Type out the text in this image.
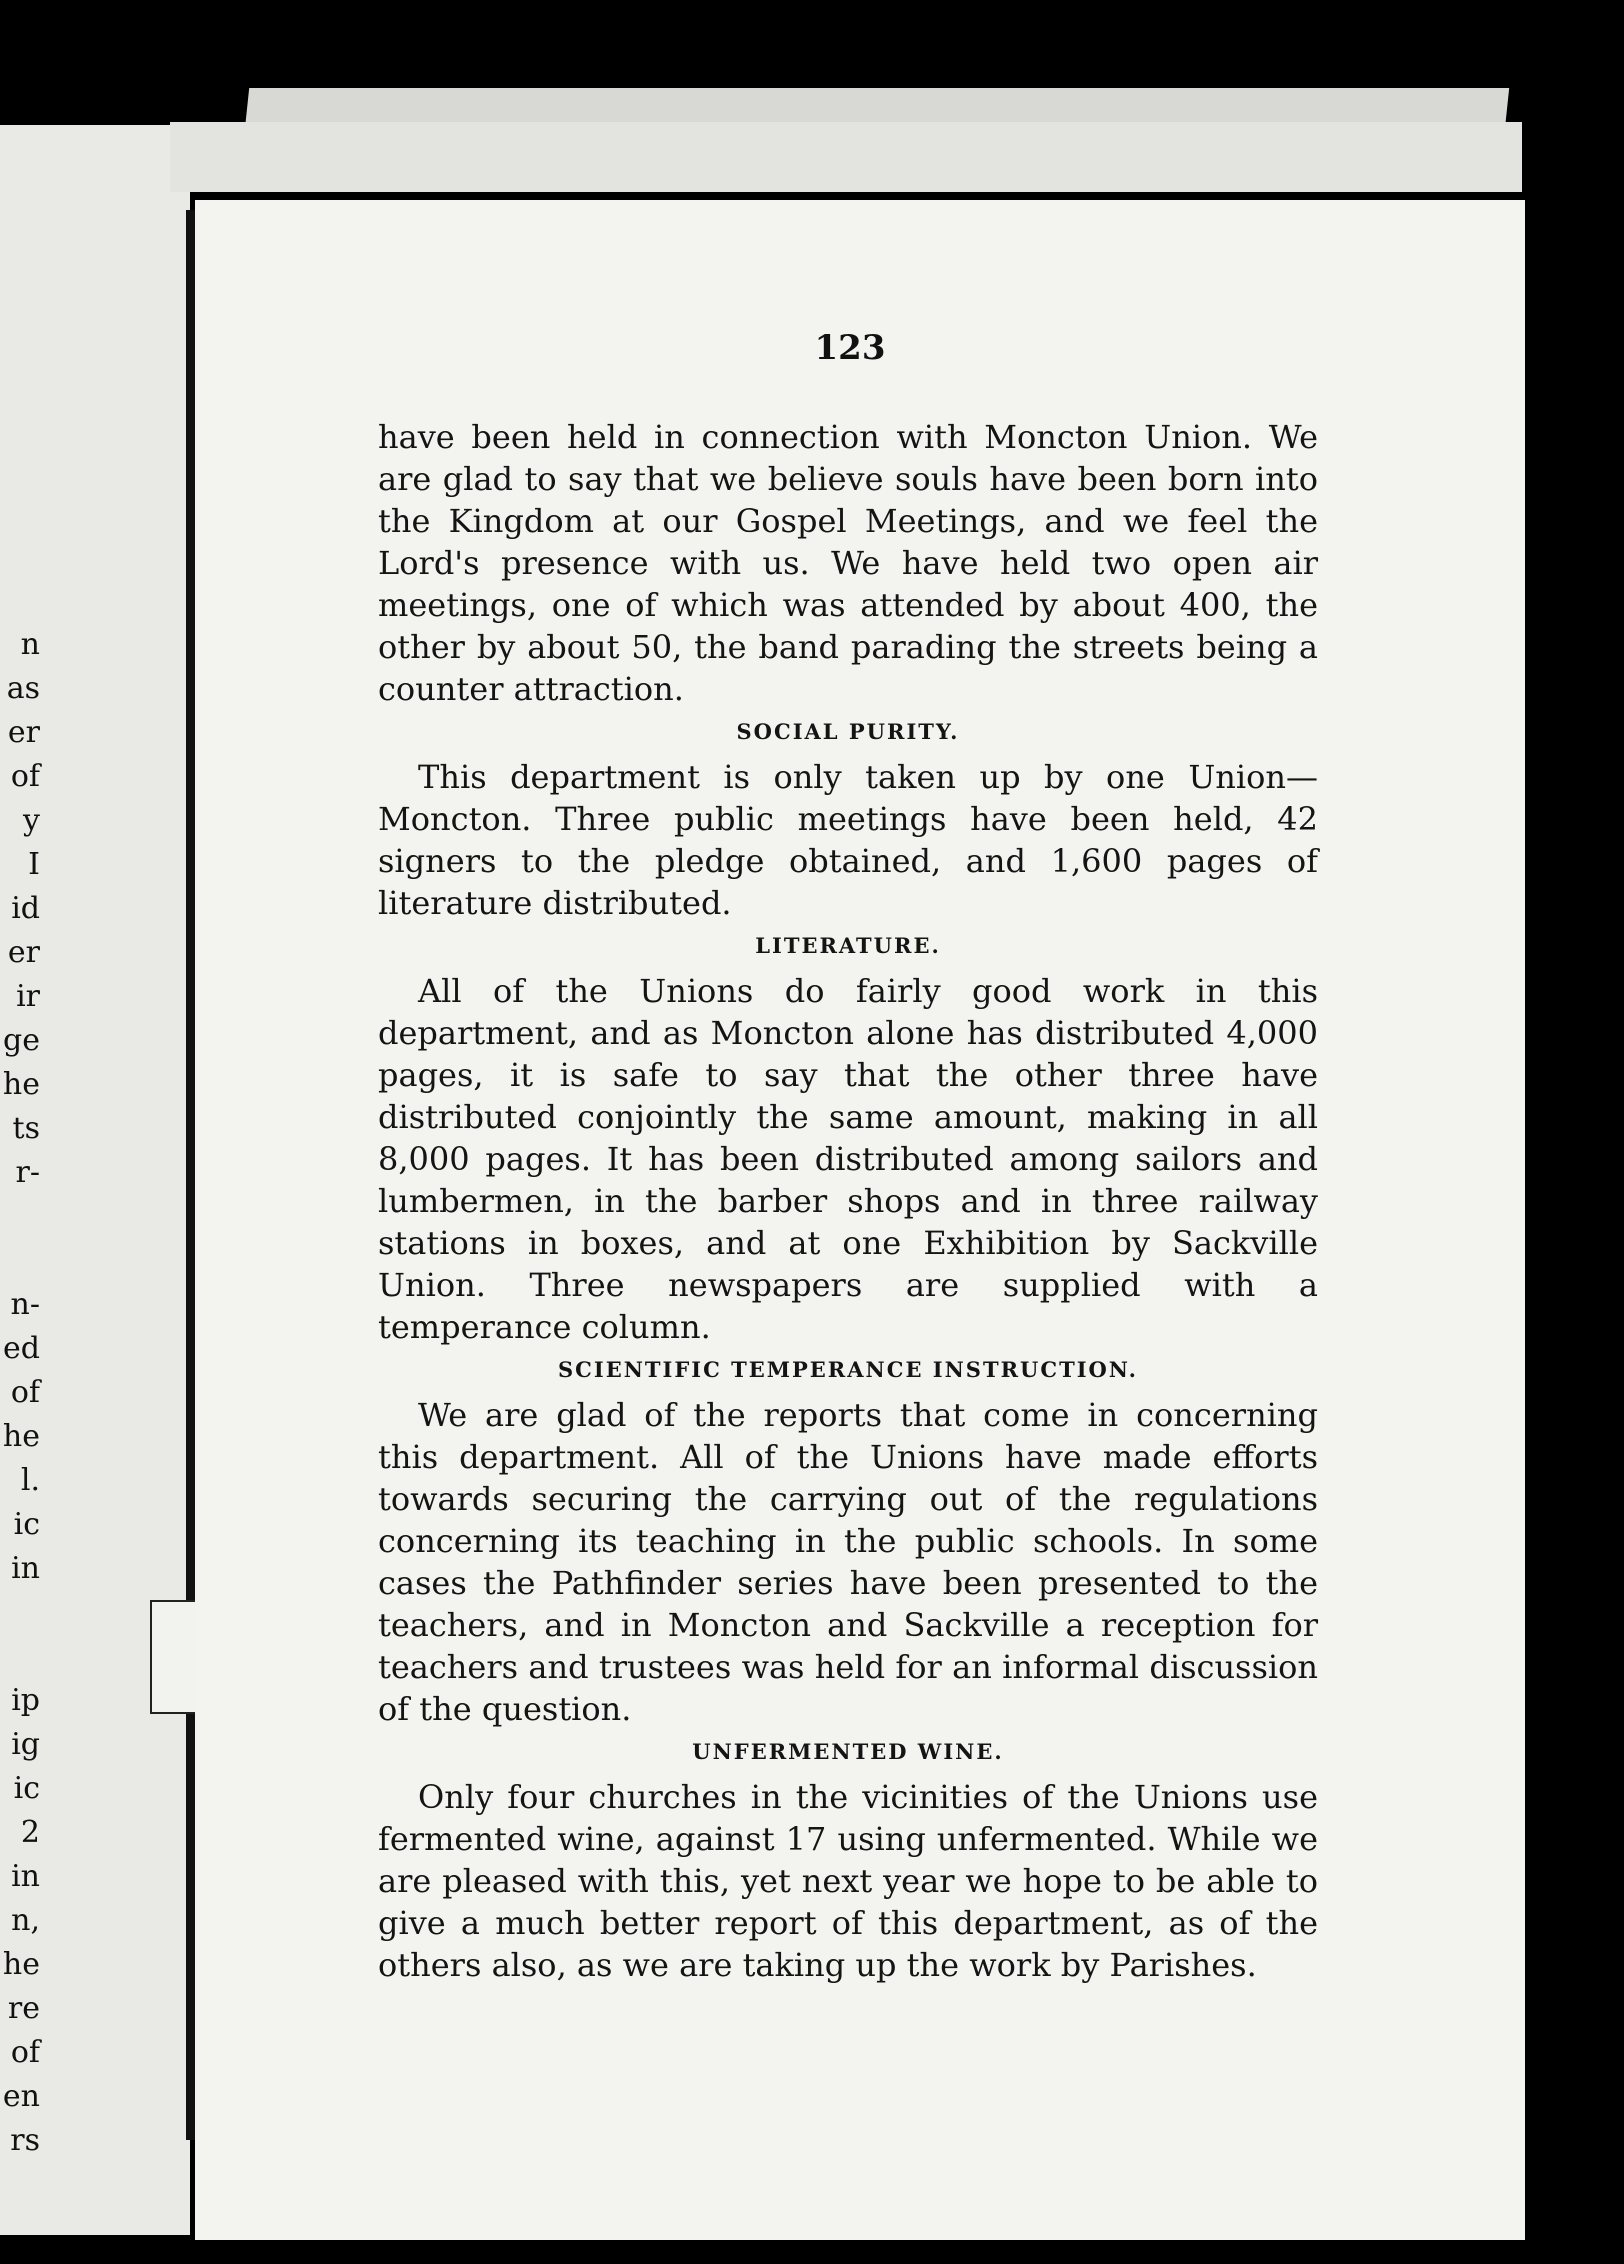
n
as
er
of
y
I
id
er
ir
ge
he
ts
r-
n-
ed
of
he
l.
ic
in
ip
ig
ic
2
in
n,
he
re
of
en
rs
123

have been held in connection with Moncton Union. We are glad to say that we believe souls have been born into the Kingdom at our Gospel Meetings, and we feel the Lord's presence with us. We have held two open air meetings, one of which was attended by about 400, the other by about 50, the band parading the streets being a counter attraction.

SOCIAL PURITY.

This department is only taken up by one Union—Moncton. Three public meetings have been held, 42 signers to the pledge obtained, and 1,600 pages of literature distributed.

LITERATURE.

All of the Unions do fairly good work in this department, and as Moncton alone has distributed 4,000 pages, it is safe to say that the other three have distributed conjointly the same amount, making in all 8,000 pages. It has been distributed among sailors and lumbermen, in the barber shops and in three railway stations in boxes, and at one Exhibition by Sackville Union. Three newspapers are supplied with a temperance column.

SCIENTIFIC TEMPERANCE INSTRUCTION.

We are glad of the reports that come in concerning this department. All of the Unions have made efforts towards securing the carrying out of the regulations concerning its teaching in the public schools. In some cases the Pathfinder series have been presented to the teachers, and in Moncton and Sackville a reception for teachers and trustees was held for an informal discussion of the question.

UNFERMENTED WINE.

Only four churches in the vicinities of the Unions use fermented wine, against 17 using unfermented. While we are pleased with this, yet next year we hope to be able to give a much better report of this department, as of the others also, as we are taking up the work by Parishes.
